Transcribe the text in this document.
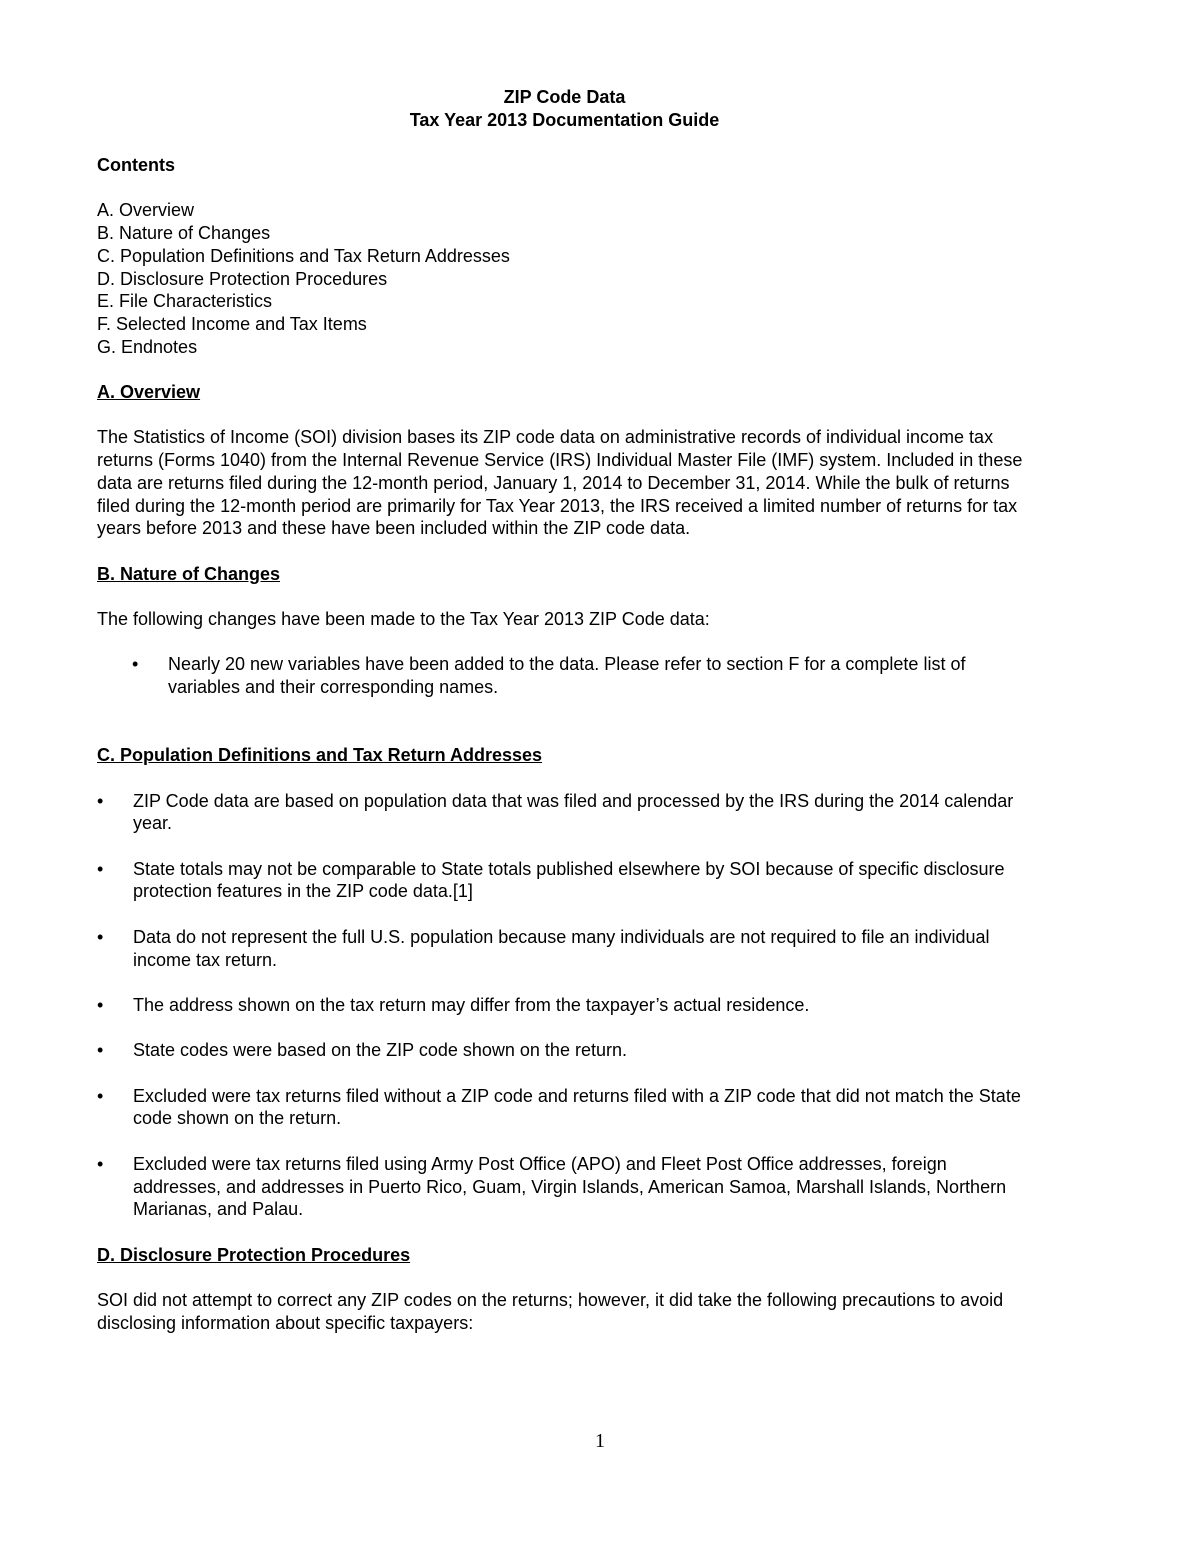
ZIP Code Data

Tax Year 2013 Documentation Guide

Contents

A. Overview
B. Nature of Changes
C. Population Definitions and Tax Return Addresses
D. Disclosure Protection Procedures
E. File Characteristics
F. Selected Income and Tax Items
G. Endnotes

A. Overview

The Statistics of Income (SOI) division bases its ZIP code data on administrative records of individual income tax returns (Forms 1040) from the Internal Revenue Service (IRS) Individual Master File (IMF) system. Included in these data are returns filed during the 12-month period, January 1, 2014 to December 31, 2014. While the bulk of returns filed during the 12-month period are primarily for Tax Year 2013, the IRS received a limited number of returns for tax years before 2013 and these have been included within the ZIP code data.

B. Nature of Changes

The following changes have been made to the Tax Year 2013 ZIP Code data:

• Nearly 20 new variables have been added to the data. Please refer to section F for a complete list of variables and their corresponding names.

C. Population Definitions and Tax Return Addresses

• ZIP Code data are based on population data that was filed and processed by the IRS during the 2014 calendar year.
• State totals may not be comparable to State totals published elsewhere by SOI because of specific disclosure protection features in the ZIP code data.[1]
• Data do not represent the full U.S. population because many individuals are not required to file an individual income tax return.
• The address shown on the tax return may differ from the taxpayer’s actual residence.
• State codes were based on the ZIP code shown on the return.
• Excluded were tax returns filed without a ZIP code and returns filed with a ZIP code that did not match the State code shown on the return.
• Excluded were tax returns filed using Army Post Office (APO) and Fleet Post Office addresses, foreign addresses, and addresses in Puerto Rico, Guam, Virgin Islands, American Samoa, Marshall Islands, Northern Marianas, and Palau.

D. Disclosure Protection Procedures

SOI did not attempt to correct any ZIP codes on the returns; however, it did take the following precautions to avoid disclosing information about specific taxpayers:

1
